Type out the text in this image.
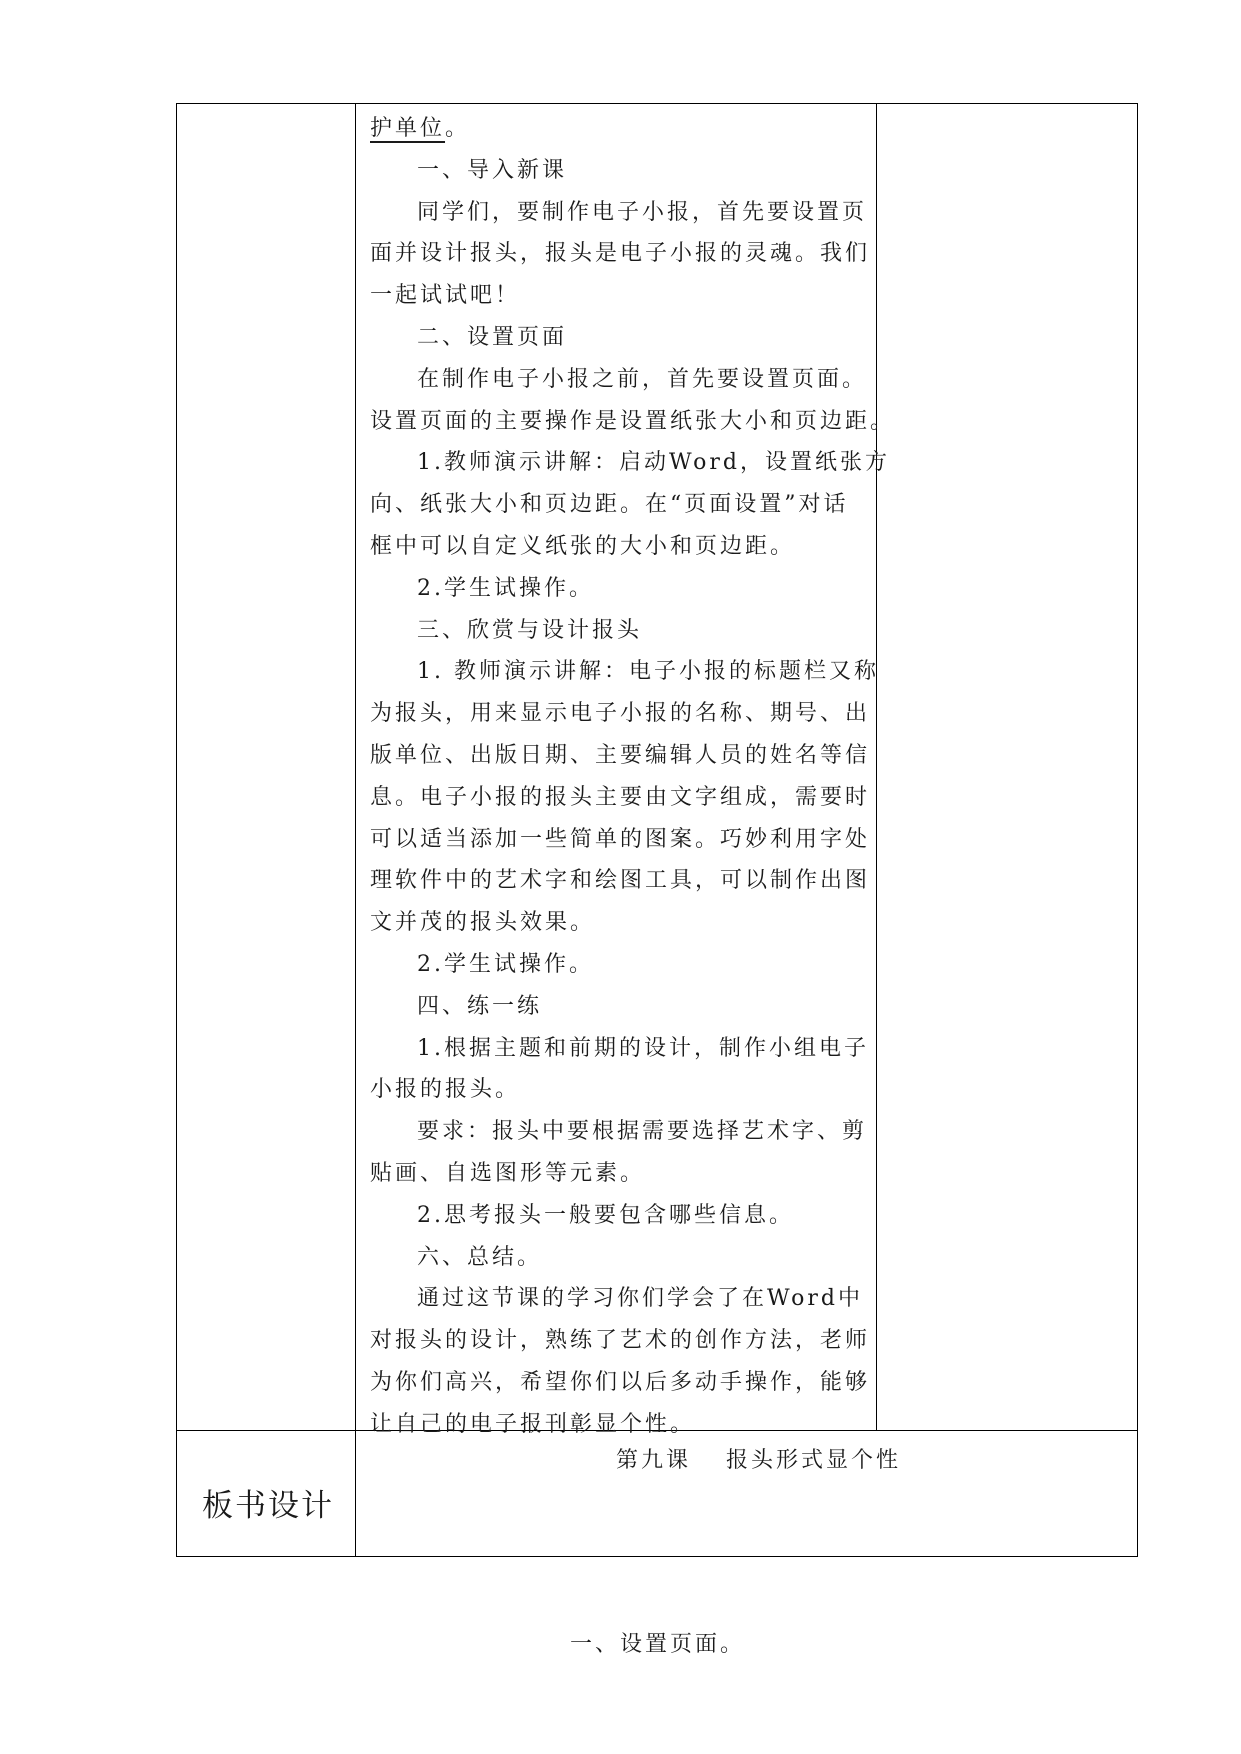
护单位。

一、导入新课

同学们，要制作电子小报，首先要设置页

面并设计报头，报头是电子小报的灵魂。我们

一起试试吧！

二、设置页面

在制作电子小报之前，首先要设置页面。

设置页面的主要操作是设置纸张大小和页边距。

1.教师演示讲解：启动Word，设置纸张方

向、纸张大小和页边距。在“页面设置”对话

框中可以自定义纸张的大小和页边距。

2.学生试操作。

三、欣赏与设计报头

1. 教师演示讲解：电子小报的标题栏又称

为报头，用来显示电子小报的名称、期号、出

版单位、出版日期、主要编辑人员的姓名等信

息。电子小报的报头主要由文字组成，需要时

可以适当添加一些简单的图案。巧妙利用字处

理软件中的艺术字和绘图工具，可以制作出图

文并茂的报头效果。

2.学生试操作。

四、练一练

1.根据主题和前期的设计，制作小组电子

小报的报头。

要求：报头中要根据需要选择艺术字、剪

贴画、自选图形等元素。

2.思考报头一般要包含哪些信息。

六、总结。

通过这节课的学习你们学会了在Word中

对报头的设计，熟练了艺术的创作方法，老师

为你们高兴，希望你们以后多动手操作，能够

让自己的电子报刊彰显个性。

板书设计
第九课　 报头形式显个性
一、设置页面。
